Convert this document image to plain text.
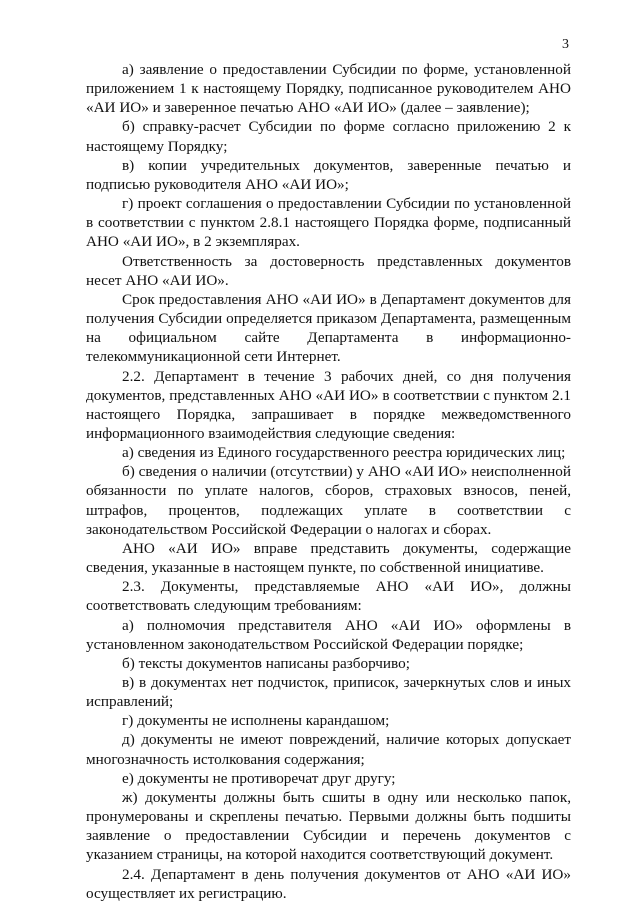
3

а) заявление о предоставлении Субсидии по форме, установленной приложением 1 к настоящему Порядку, подписанное руководителем АНО «АИ ИО» и заверенное печатью АНО «АИ ИО» (далее – заявление);

б) справку-расчет Субсидии по форме согласно приложению 2 к настоящему Порядку;

в) копии учредительных документов, заверенные печатью и подписью руководителя АНО «АИ ИО»;

г) проект соглашения о предоставлении Субсидии по установленной в соответствии с пунктом 2.8.1 настоящего Порядка форме, подписанный АНО «АИ ИО», в 2 экземплярах.

Ответственность за достоверность представленных документов несет АНО «АИ ИО».

Срок предоставления АНО «АИ ИО» в Департамент документов для получения Субсидии определяется приказом Департамента, размещенным на официальном сайте Департамента в информационно-телекоммуникационной сети Интернет.

2.2. Департамент в течение 3 рабочих дней, со дня получения документов, представленных АНО «АИ ИО» в соответствии с пунктом 2.1 настоящего Порядка, запрашивает в порядке межведомственного информационного взаимодействия следующие сведения:

а) сведения из Единого государственного реестра юридических лиц;

б) сведения о наличии (отсутствии) у АНО «АИ ИО» неисполненной обязанности по уплате налогов, сборов, страховых взносов, пеней, штрафов, процентов, подлежащих уплате в соответствии с законодательством Российской Федерации о налогах и сборах.

АНО «АИ ИО» вправе представить документы, содержащие сведения, указанные в настоящем пункте, по собственной инициативе.

2.3. Документы, представляемые АНО «АИ ИО», должны соответствовать следующим требованиям:

а) полномочия представителя АНО «АИ ИО» оформлены в установленном законодательством Российской Федерации порядке;

б) тексты документов написаны разборчиво;

в) в документах нет подчисток, приписок, зачеркнутых слов и иных исправлений;

г) документы не исполнены карандашом;

д) документы не имеют повреждений, наличие которых допускает многозначность истолкования содержания;

е) документы не противоречат друг другу;

ж) документы должны быть сшиты в одну или несколько папок, пронумерованы и скреплены печатью. Первыми должны быть подшиты заявление о предоставлении Субсидии и перечень документов с указанием страницы, на которой находится соответствующий документ.

2.4. Департамент в день получения документов от АНО «АИ ИО» осуществляет их регистрацию.
